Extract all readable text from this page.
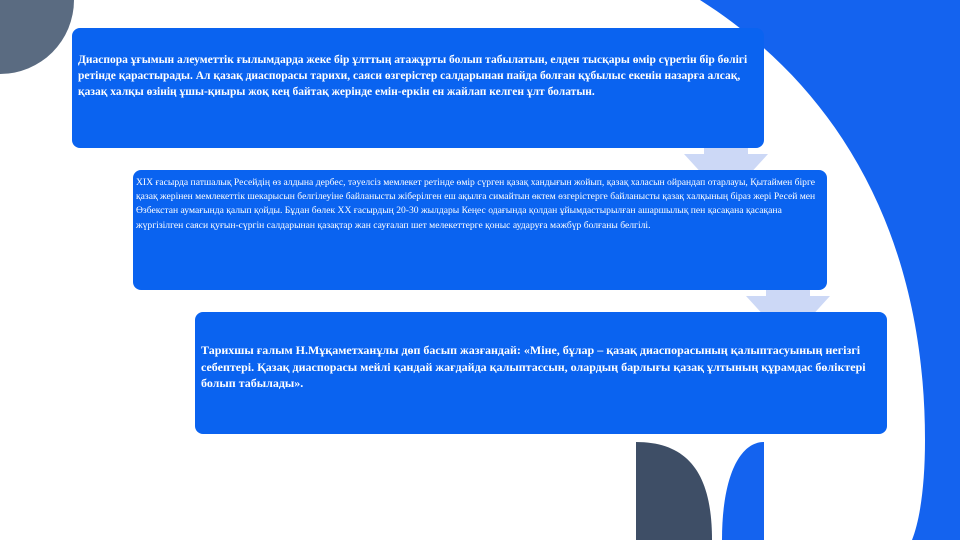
Диаспора ұғымын алеуметтік ғылымдарда жеке бір ұлттың атажұрты болып табылатын, елден тысқары өмір сүретін бір бөлігі ретінде қарастырады. Ал қазақ диаспорасы тарихи, саяси өзгерістер салдарынан пайда болған құбылыс екенін назарға алсақ, қазақ халқы өзінің ұшы-қиыры жоқ кең байтақ жерінде емін-еркін ен жайлап келген ұлт болатын.

XIX ғасырда патшалық Ресейдің өз алдына дербес, тәуелсіз мемлекет ретінде өмір сүрген қазақ хандығын жойып, қазақ халасын ойрандап отарлауы, Қытаймен бірге қазақ жерінен мемлекеттік шекарысын белгілеуіне байланысты жіберілген еш ақылға симайтын өктем өзгерістерге байланысты қазақ халқының біраз жері Ресей мен Өзбекстан аумағында қалып қойды. Бұдан бөлек XX ғасырдың 20-30 жылдары Кеңес одағында қолдан ұйымдастырылған ашаршылық пен қасақана қасақана жүргізілген саяси қуғын-сүргін салдарынан қазақтар жан сауғалап шет мелекеттерге қоныс аударуға мәжбүр болғаны белгілі.

Тарихшы ғалым Н.Мұқаметханұлы дөп басып жазғандай: «Міне, бұлар – қазақ диаспорасының қалыптасуының негізгі себептері. Қазақ диаспорасы мейлі қандай жағдайда қалыптассын, олардың барлығы қазақ ұлтының құрамдас бөліктері болып табылады».
